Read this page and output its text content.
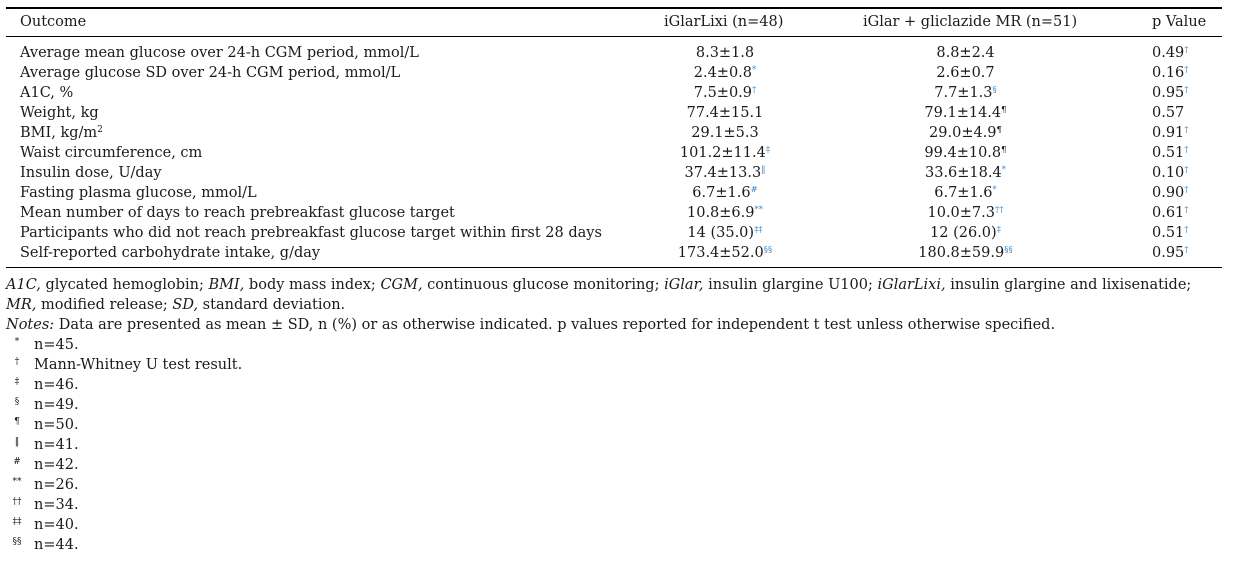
Outcome	iGlarLixi (n=48)	iGlar + gliclazide MR (n=51)	p Value
Average mean glucose over 24-h CGM period, mmol/L	8.3±1.8	8.8±2.4	0.49†
Average glucose SD over 24-h CGM period, mmol/L	2.4±0.8*	2.6±0.7	0.16†
A1C, %	7.5±0.9†	7.7±1.3§	0.95†
Weight, kg	77.4±15.1	79.1±14.4¶	0.57
BMI, $kg/m^2$	29.1±5.3	29.0±4.9¶	0.91†
Waist circumference, cm	101.2±11.4‡	99.4±10.8¶	0.51†
Insulin dose, U/day	37.4±13.3‖	33.6±18.4*	0.10†
Fasting plasma glucose, mmol/L	6.7±1.6#	6.7±1.6*	0.90†
Mean number of days to reach prebreakfast glucose target	10.8±6.9**	10.0±7.3††	0.61†
Participants who did not reach prebreakfast glucose target within first 28 days	14 (35.0)‡‡	12 (26.0)‡	0.51†
Self-reported carbohydrate intake, g/day	173.4±52.0§§	180.8±59.9§§	0.95†
A1C, glycated hemoglobin; BMI, body mass index; CGM, continuous glucose monitoring; iGlar, insulin glargine U100; iGlarLixi, insulin glargine and lixisenatide; MR, modified release; SD, standard deviation.
Notes: Data are presented as mean ± SD, n (%) or as otherwise indicated. p values reported for independent t test unless otherwise specified.
*	n=45.
†	Mann-Whitney U test result.
‡	n=46.
§	n=49.
¶ n=50.
‖	n=41.
# n=42.
** n=26.
†† n=34.
‡‡ n=40.
§§ n=44.
